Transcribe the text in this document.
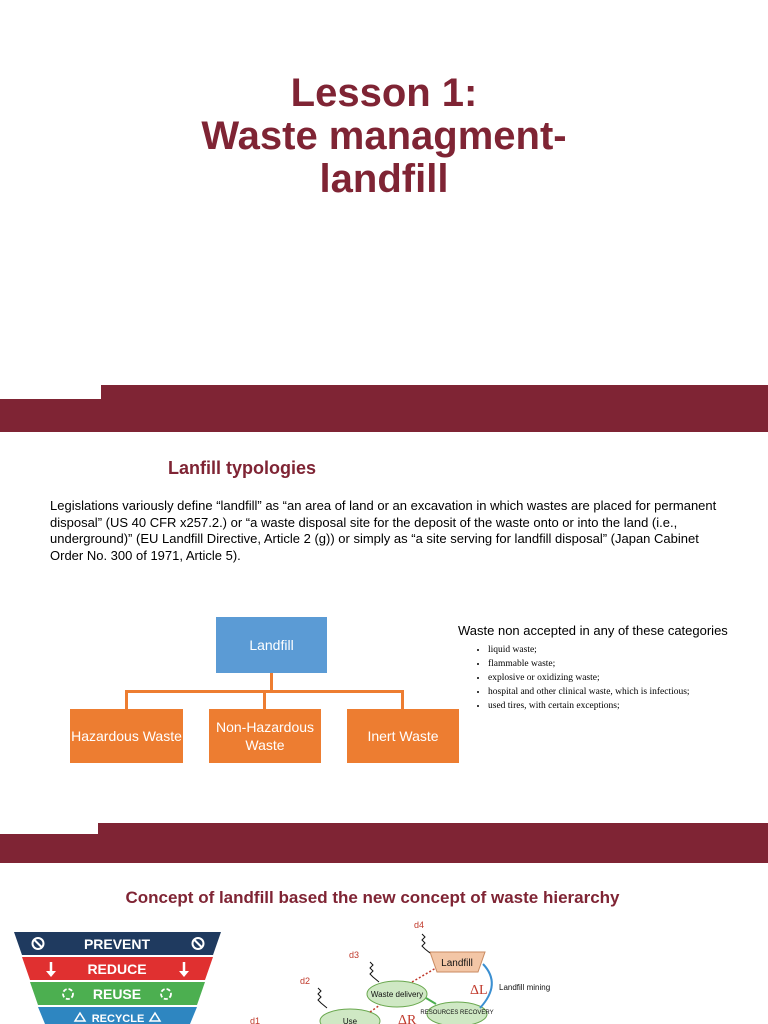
Lesson 1:
Waste managment-
landfill
Lanfill typologies
Legislations variously define “landfill” as “an area of land or an excavation in which wastes are placed for permanent disposal” (US 40 CFR x257.2.) or “a waste disposal site for the deposit of the waste onto or into the land (i.e., underground)” (EU Landfill Directive, Article 2 (g)) or simply as “a site serving for landfill disposal” (Japan Cabinet Order No. 300 of 1971, Article 5).
Landfill
Hazardous Waste
Non-Hazardous Waste
Inert Waste
Waste non accepted in any of these categories
• liquid waste;
• flammable waste;
• explosive or oxidizing waste;
• hospital and other clinical waste, which is infectious;
• used tires, with certain exceptions;
Concept of landfill based the new concept of waste hierarchy
PREVENT
REDUCE
REUSE
RECYCLE
Landfill
Waste delivery
RESOURCES RECOVERY
Use
ΔL
ΔR
Landfill mining
d4
d3
d2
d1
